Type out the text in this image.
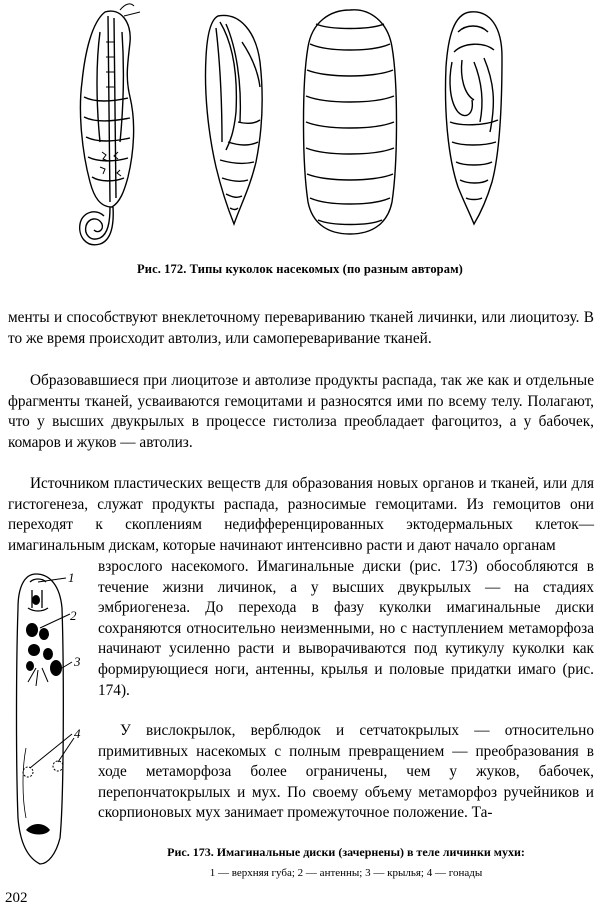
Рис. 172. Типы куколок насекомых (по разным авторам)

менты и способствуют внеклеточному перевариванию тканей личинки, или лиоцитозу. В то же время происходит автолиз, или самопереваривание тканей.

Образовавшиеся при лиоцитозе и автолизе продукты распада, так же как и отдельные фрагменты тканей, усваиваются гемоцитами и разносятся ими по всему телу. Полагают, что у высших двукрылых в процессе гистолиза преобладает фагоцитоз, а у бабочек, комаров и жуков — автолиз.

Источником пластических веществ для образования новых органов и тканей, или для гистогенеза, служат продукты распада, разносимые гемоцитами. Из гемоцитов они переходят к скоплениям недифференцированных эктодермальных клеток—имагинальным дискам, которые начинают интенсивно расти и дают начало органам

взрослого насекомого. Имагинальные диски (рис. 173) обособляются в течение жизни личинок, а у высших двукрылых — на стадиях эмбриогенеза. До перехода в фазу куколки имагинальные диски сохраняются относительно неизменными, но с наступлением метаморфоза начинают усиленно расти и выворачиваются под кутикулу куколки как формирующиеся ноги, антенны, крылья и половые придатки имаго (рис. 174).

У вислокрылок, верблюдок и сетчатокрылых — относительно примитивных насекомых с полным превращением — преобразования в ходе метаморфоза более ограничены, чем у жуков, бабочек, перепончатокрылых и мух. По своему объему метаморфоз ручейников и скорпионовых мух занимает промежуточное положение. Та-

1
2
3
4
Рис. 173. Имагинальные диски (зачернены) в теле личинки мухи:
1 — верхняя губа; 2 — антенны; 3 — крылья; 4 — гонады
202
